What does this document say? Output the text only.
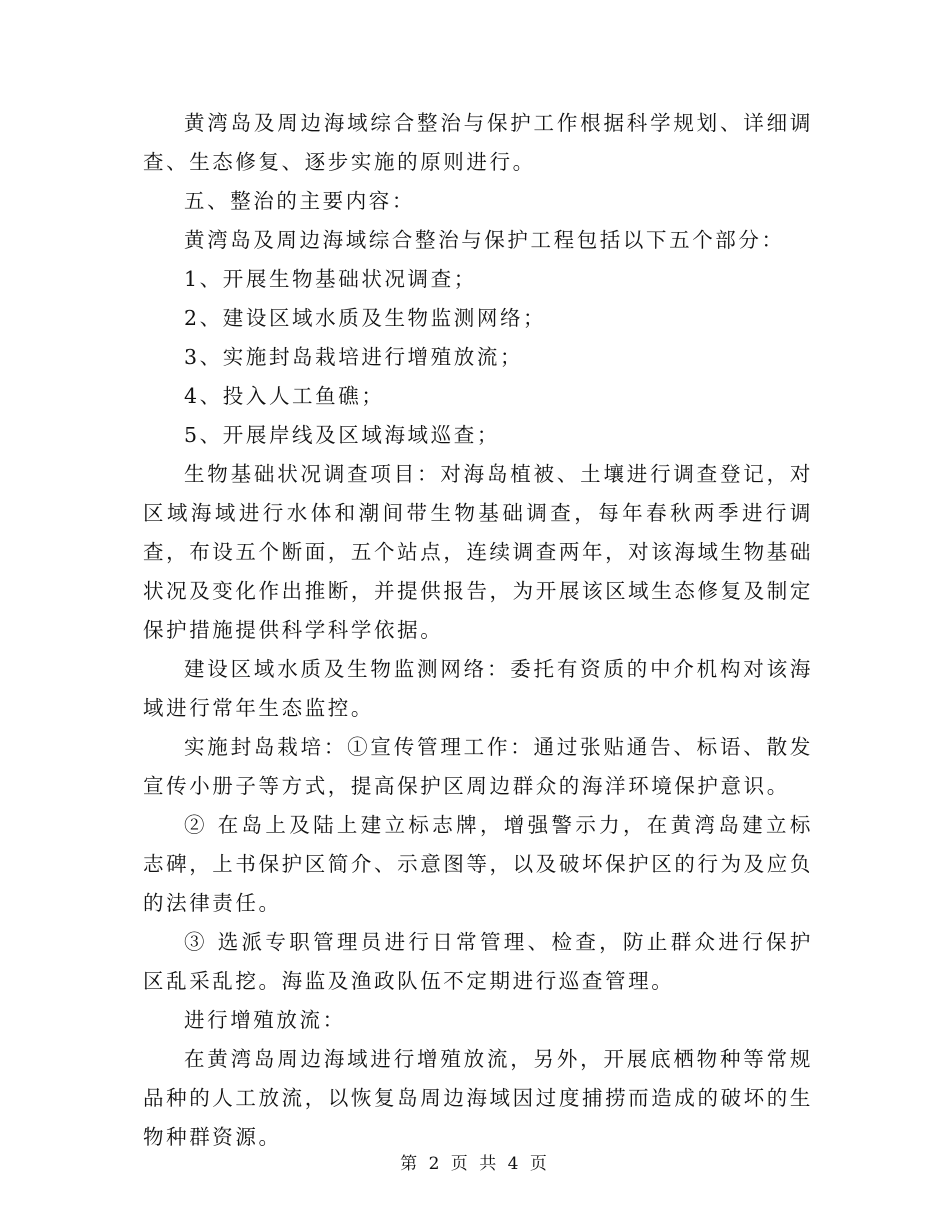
黄湾岛及周边海域综合整治与保护工作根据科学规划、详细调查、生态修复、逐步实施的原则进行。

五、整治的主要内容：

黄湾岛及周边海域综合整治与保护工程包括以下五个部分：

1、开展生物基础状况调查；

2、建设区域水质及生物监测网络；

3、实施封岛栽培进行增殖放流；

4、投入人工鱼礁；

5、开展岸线及区域海域巡查；

生物基础状况调查项目：对海岛植被、土壤进行调查登记，对区域海域进行水体和潮间带生物基础调查，每年春秋两季进行调查，布设五个断面，五个站点，连续调查两年，对该海域生物基础状况及变化作出推断，并提供报告，为开展该区域生态修复及制定保护措施提供科学科学依据。

建设区域水质及生物监测网络：委托有资质的中介机构对该海域进行常年生态监控。

实施封岛栽培：①宣传管理工作：通过张贴通告、标语、散发宣传小册子等方式，提高保护区周边群众的海洋环境保护意识。

② 在岛上及陆上建立标志牌，增强警示力，在黄湾岛建立标志碑，上书保护区简介、示意图等，以及破坏保护区的行为及应负的法律责任。

③ 选派专职管理员进行日常管理、检查，防止群众进行保护区乱采乱挖。海监及渔政队伍不定期进行巡查管理。

进行增殖放流：

在黄湾岛周边海域进行增殖放流，另外，开展底栖物种等常规品种的人工放流，以恢复岛周边海域因过度捕捞而造成的破坏的生物种群资源。

第 2 页 共 4 页
